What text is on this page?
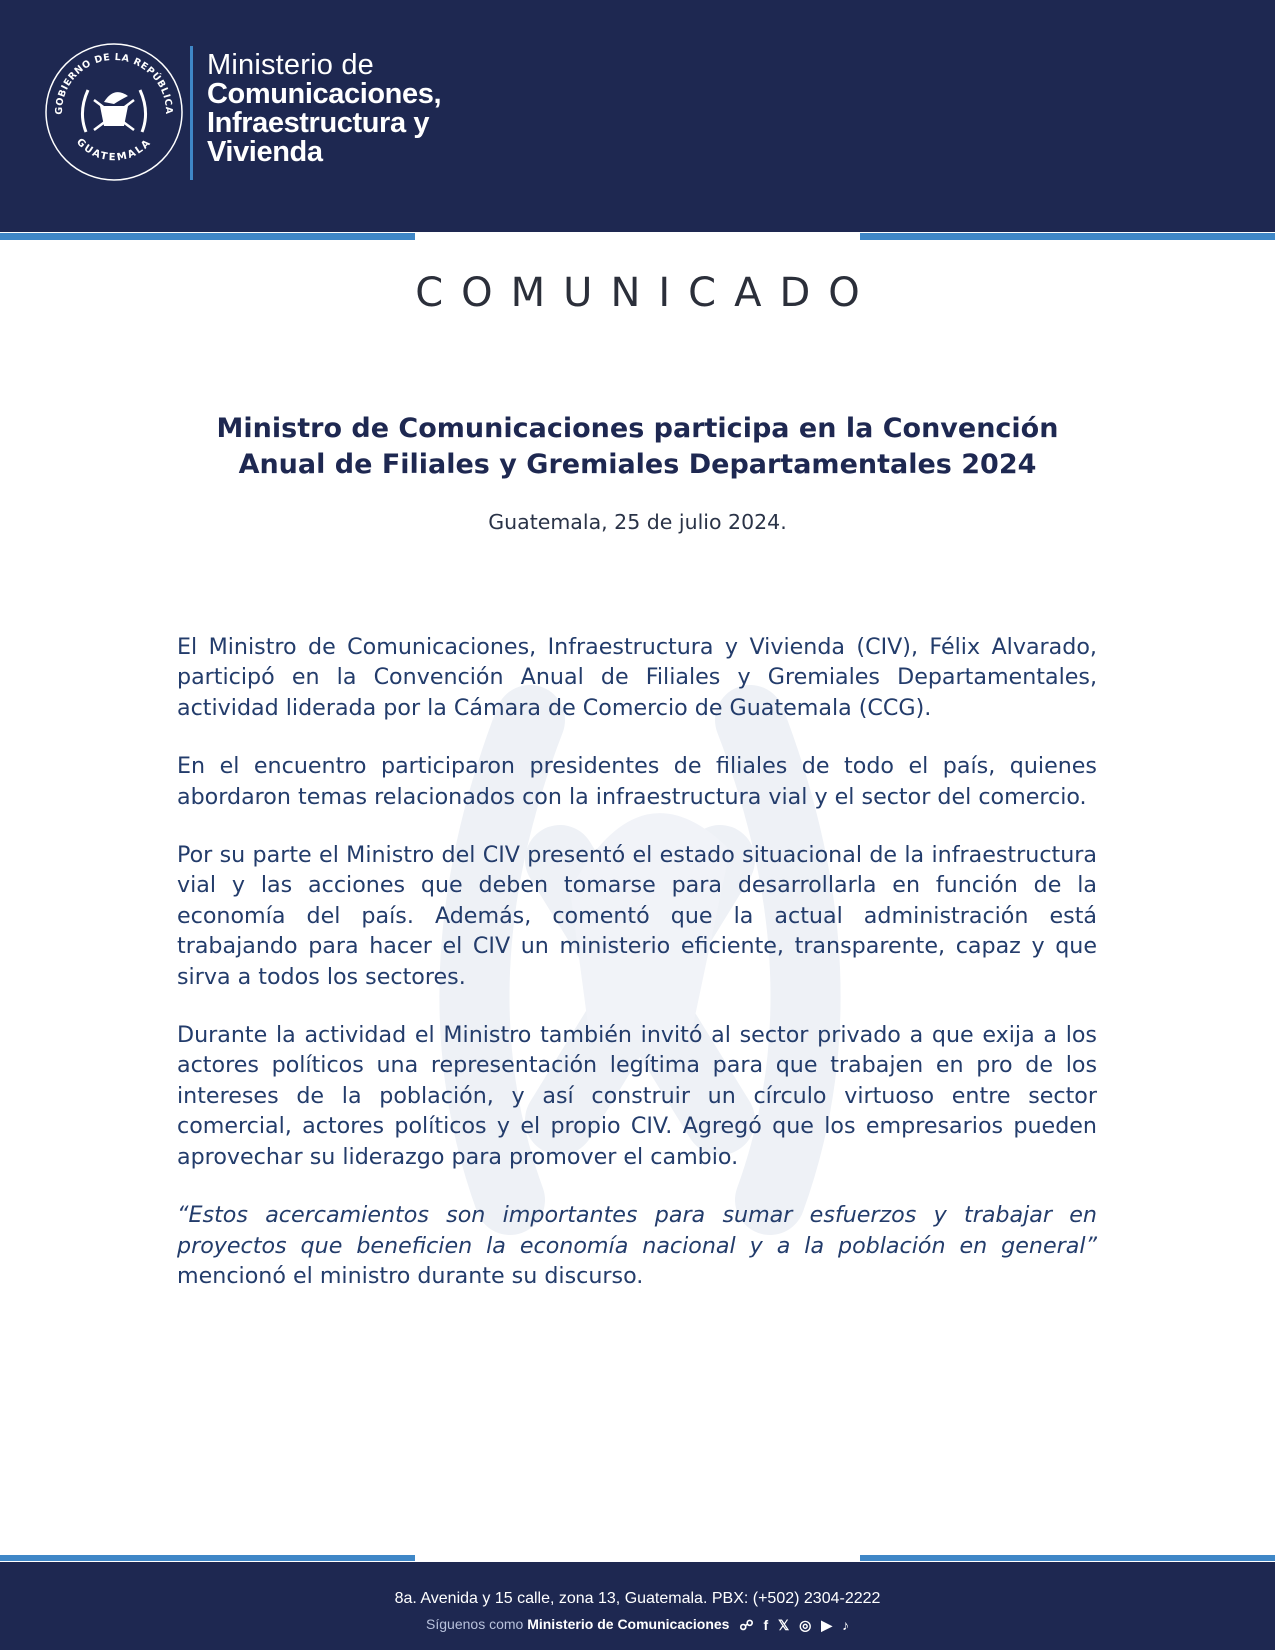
GOBIERNO DE LA REPÚBLICA
GUATEMALA
Ministerio de
Comunicaciones,
Infraestructura y
Vivienda
COMUNICADO
Ministro de Comunicaciones participa en la Convención
Anual de Filiales y Gremiales Departamentales 2024
Guatemala, 25 de julio 2024.

El Ministro de Comunicaciones, Infraestructura y Vivienda (CIV), Félix Alvarado, participó en la Convención Anual de Filiales y Gremiales Departamentales, actividad liderada por la Cámara de Comercio de Guatemala (CCG).

En el encuentro participaron presidentes de filiales de todo el país, quienes abordaron temas relacionados con la infraestructura vial y el sector del comercio.

Por su parte el Ministro del CIV presentó el estado situacional de la infraestructura vial y las acciones que deben tomarse para desarrollarla en función de la economía del país. Además, comentó que la actual administración está trabajando para hacer el CIV un ministerio eficiente, transparente, capaz y que sirva a todos los sectores.

Durante la actividad el Ministro también invitó al sector privado a que exija a los actores políticos una representación legítima para que trabajen en pro de los intereses de la población, y así construir un círculo virtuoso entre sector comercial, actores políticos y el propio CIV. Agregó que los empresarios pueden aprovechar su liderazgo para promover el cambio.

“Estos acercamientos son importantes para sumar esfuerzos y trabajar en proyectos que beneficien la economía nacional y a la población en general” mencionó el ministro durante su discurso.

8a. Avenida y 15 calle, zona 13, Guatemala. PBX: (+502) 2304-2222
Síguenos como Ministerio de Comunicaciones ☍ f 𝕏 ◎ ▶ ♪
